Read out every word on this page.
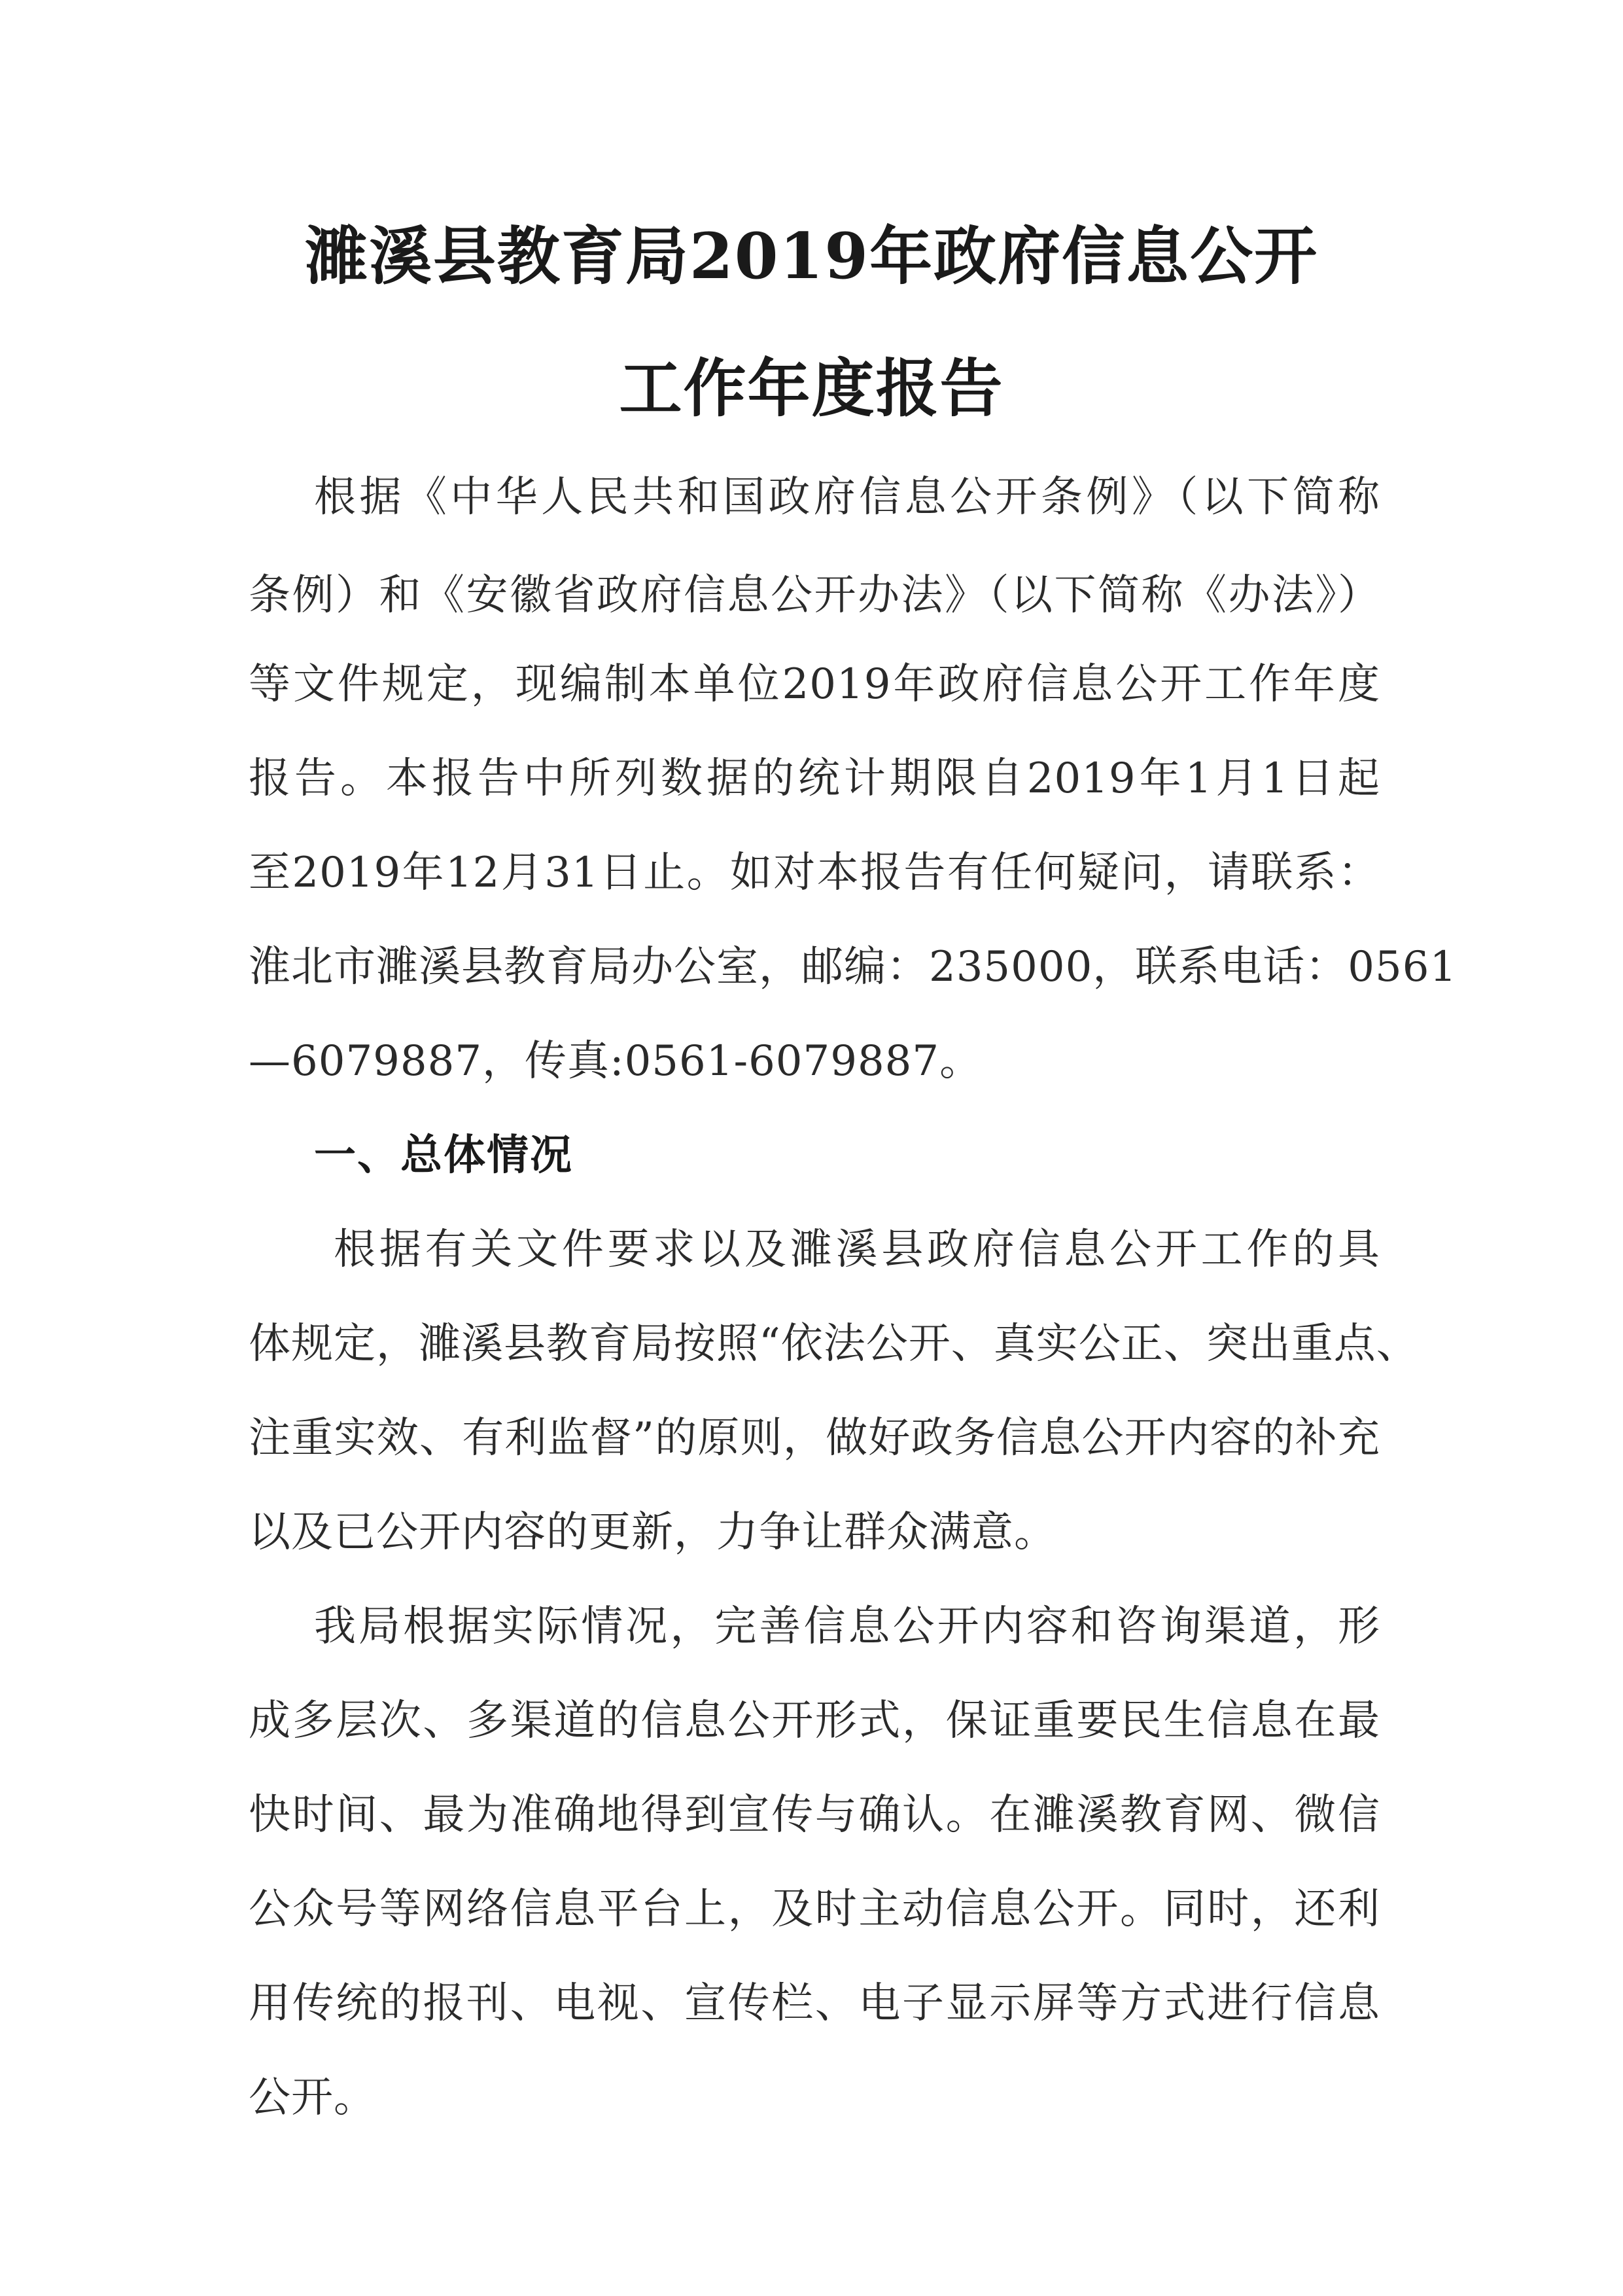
濉溪县教育局2019年政府信息公开
工作年度报告
根据《中华人民共和国政府信息公开条例》（以下简称
条例）和《安徽省政府信息公开办法》（以下简称《办法》）
等文件规定，现编制本单位2019年政府信息公开工作年度
报告。本报告中所列数据的统计期限自2019年1月1日起
至2019年12月31日止。如对本报告有任何疑问，请联系：
淮北市濉溪县教育局办公室，邮编：235000，联系电话：0561
—6079887，传真:0561-6079887。
一、总体情况
根据有关文件要求以及濉溪县政府信息公开工作的具
体规定，濉溪县教育局按照“依法公开、真实公正、突出重点、
注重实效、有利监督”的原则，做好政务信息公开内容的补充
以及已公开内容的更新，力争让群众满意。
我局根据实际情况，完善信息公开内容和咨询渠道，形
成多层次、多渠道的信息公开形式，保证重要民生信息在最
快时间、最为准确地得到宣传与确认。在濉溪教育网、微信
公众号等网络信息平台上，及时主动信息公开。同时，还利
用传统的报刊、电视、宣传栏、电子显示屏等方式进行信息
公开。
